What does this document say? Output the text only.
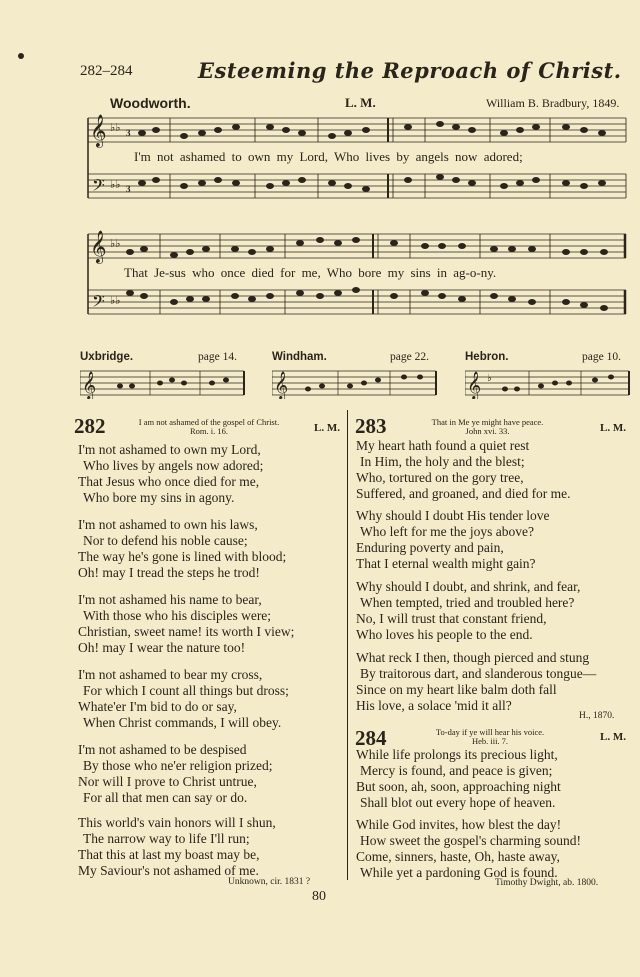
282–284	Esteeming the Reproach of Christ.
Woodworth.	L. M.	William B. Bradbury, 1849.
𝄞
𝄢
♭♭
♭♭
3
3
I'm not ashamed to own my Lord, Who lives by angels now adored;
𝄞
𝄢
♭♭
♭♭
That Je-sus who once died for me, Who bore my sins in ag-o-ny.
Uxbridge.	page 14.	Windham.	page 22.	Hebron.	page 10.
𝄞	𝄞	𝄞 ♭
282	I am not ashamed of the gospel of Christ.
Rom. i. 16.	L. M.
I'm not ashamed to own my Lord,
Who lives by angels now adored;
That Jesus who once died for me,
Who bore my sins in agony.
I'm not ashamed to own his laws,
Nor to defend his noble cause;
The way he's gone is lined with blood;
Oh! may I tread the steps he trod!
I'm not ashamed his name to bear,
With those who his disciples were;
Christian, sweet name! its worth I view;
Oh! may I wear the nature too!
I'm not ashamed to bear my cross,
For which I count all things but dross;
Whate'er I'm bid to do or say,
When Christ commands, I will obey.
I'm not ashamed to be despised
By those who ne'er religion prized;
Nor will I prove to Christ untrue,
For all that men can say or do.
This world's vain honors will I shun,
The narrow way to life I'll run;
That this at last my boast may be,
My Saviour's not ashamed of me.
Unknown, cir. 1831 ?
283	That in Me ye might have peace.
John xvi. 33.	L. M.
My heart hath found a quiet rest
In Him, the holy and the blest;
Who, tortured on the gory tree,
Suffered, and groaned, and died for me.
Why should I doubt His tender love
Who left for me the joys above?
Enduring poverty and pain,
That I eternal wealth might gain?
Why should I doubt, and shrink, and fear,
When tempted, tried and troubled here?
No, I will trust that constant friend,
Who loves his people to the end.
What reck I then, though pierced and stung
By traitorous dart, and slanderous tongue—
Since on my heart like balm doth fall
His love, a solace 'mid it all?
H., 1870.
284	To-day if ye will hear his voice.
Heb. iii. 7.	L. M.
While life prolongs its precious light,
Mercy is found, and peace is given;
But soon, ah, soon, approaching night
Shall blot out every hope of heaven.
While God invites, how blest the day!
How sweet the gospel's charming sound!
Come, sinners, haste, Oh, haste away,
While yet a pardoning God is found.
Timothy Dwight, ab. 1800.
80
